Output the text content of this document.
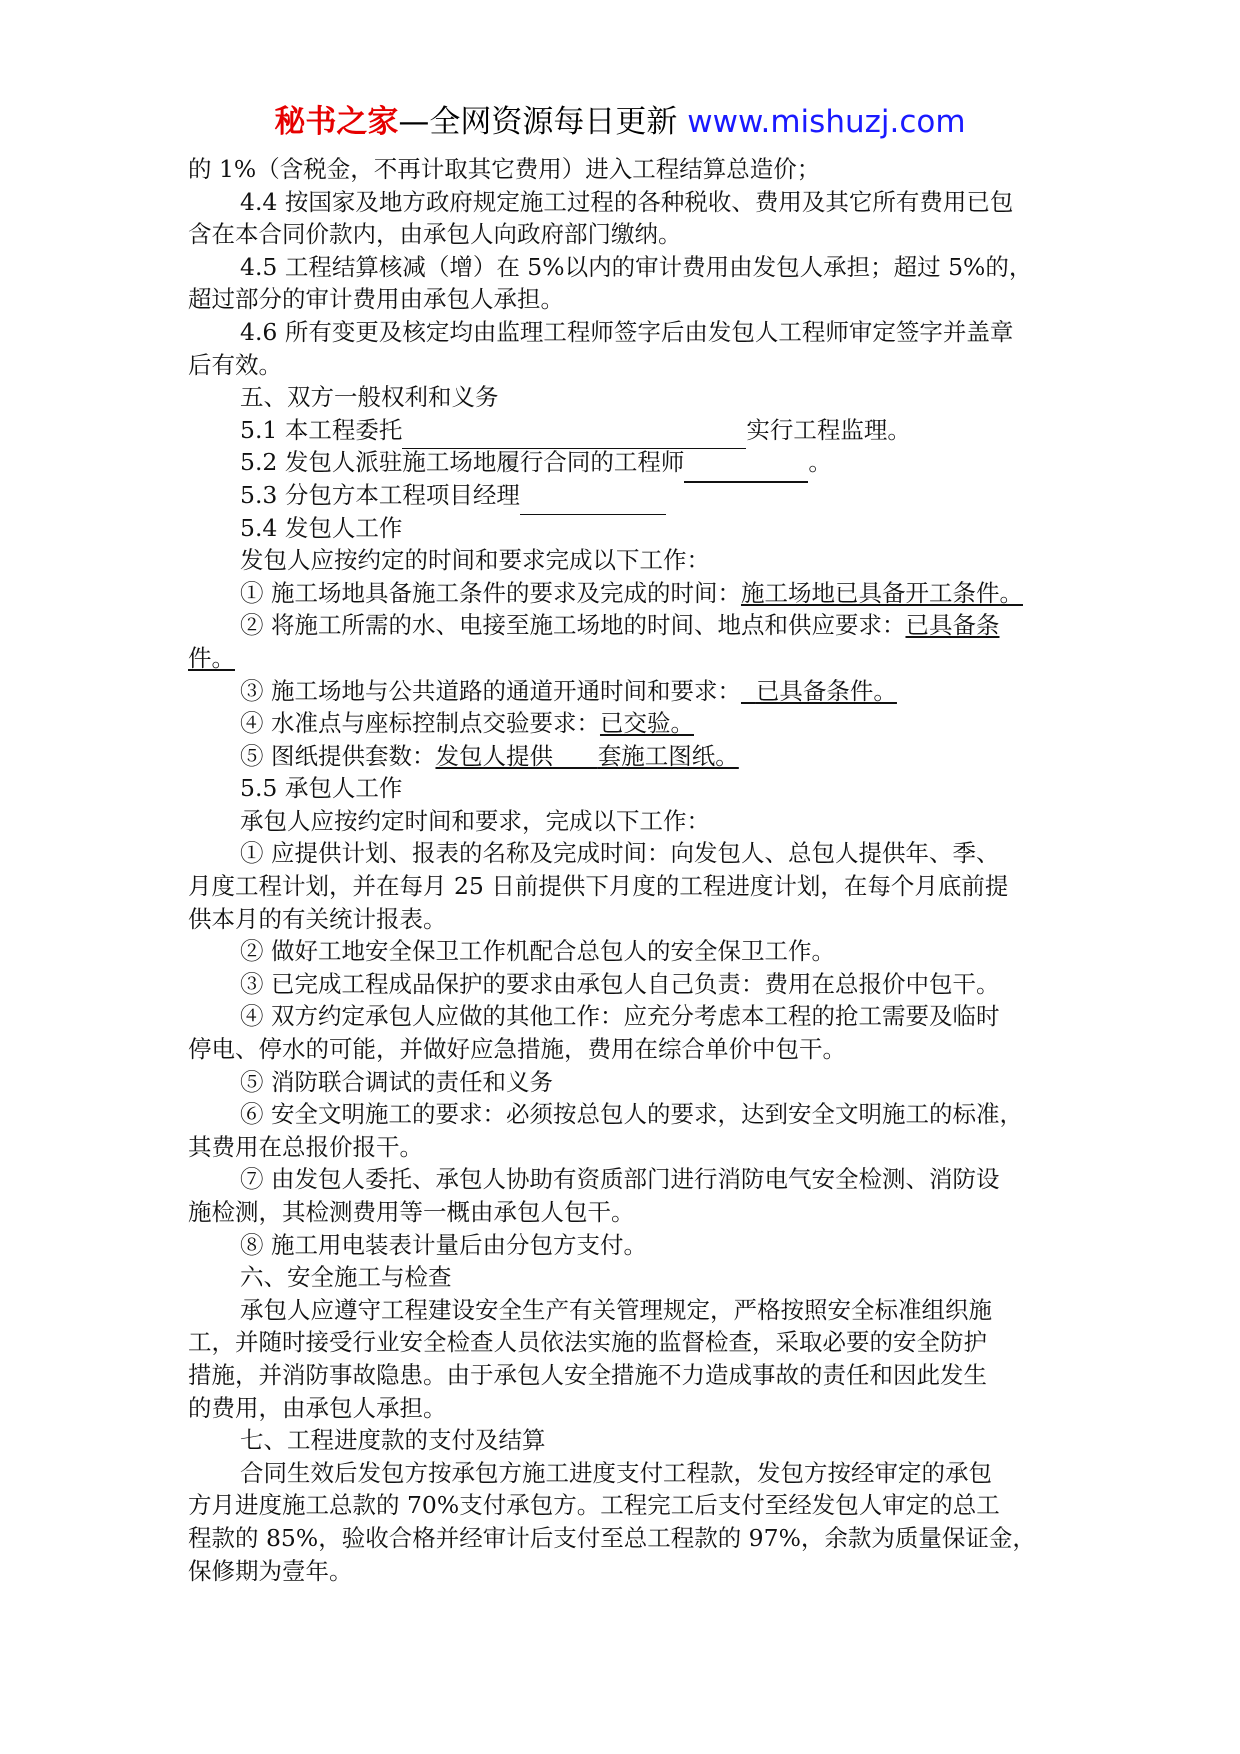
秘书之家—全网资源每日更新 www.mishuzj.com
的 1%（含税金，不再计取其它费用）进入工程结算总造价；
4.4 按国家及地方政府规定施工过程的各种税收、费用及其它所有费用已包
含在本合同价款内，由承包人向政府部门缴纳。
4.5 工程结算核减（增）在 5%以内的审计费用由发包人承担；超过 5%的，
超过部分的审计费用由承包人承担。
4.6 所有变更及核定均由监理工程师签字后由发包人工程师审定签字并盖章
后有效。
五、双方一般权利和义务
5.1 本工程委托	实行工程监理。
5.2 发包人派驻施工场地履行合同的工程师	。
5.3 分包方本工程项目经理
5.4 发包人工作
发包人应按约定的时间和要求完成以下工作：
① 施工场地具备施工条件的要求及完成的时间：施工场地已具备开工条件。
② 将施工所需的水、电接至施工场地的时间、地点和供应要求：已具备条
件。
③ 施工场地与公共道路的通道开通时间和要求： 已具备条件。
④ 水准点与座标控制点交验要求：已交验。
⑤ 图纸提供套数：发包人提供 套施工图纸。
5.5 承包人工作
承包人应按约定时间和要求，完成以下工作：
① 应提供计划、报表的名称及完成时间：向发包人、总包人提供年、季、
月度工程计划，并在每月 25 日前提供下月度的工程进度计划，在每个月底前提
供本月的有关统计报表。
② 做好工地安全保卫工作机配合总包人的安全保卫工作。
③ 已完成工程成品保护的要求由承包人自己负责：费用在总报价中包干。
④ 双方约定承包人应做的其他工作：应充分考虑本工程的抢工需要及临时
停电、停水的可能，并做好应急措施，费用在综合单价中包干。
⑤ 消防联合调试的责任和义务
⑥ 安全文明施工的要求：必须按总包人的要求，达到安全文明施工的标准，
其费用在总报价报干。
⑦ 由发包人委托、承包人协助有资质部门进行消防电气安全检测、消防设
施检测，其检测费用等一概由承包人包干。
⑧ 施工用电装表计量后由分包方支付。
六、安全施工与检查
承包人应遵守工程建设安全生产有关管理规定，严格按照安全标准组织施
工，并随时接受行业安全检查人员依法实施的监督检查，采取必要的安全防护
措施，并消防事故隐患。由于承包人安全措施不力造成事故的责任和因此发生
的费用，由承包人承担。
七、工程进度款的支付及结算
合同生效后发包方按承包方施工进度支付工程款，发包方按经审定的承包
方月进度施工总款的 70%支付承包方。工程完工后支付至经发包人审定的总工
程款的 85%，验收合格并经审计后支付至总工程款的 97%，余款为质量保证金，
保修期为壹年。
